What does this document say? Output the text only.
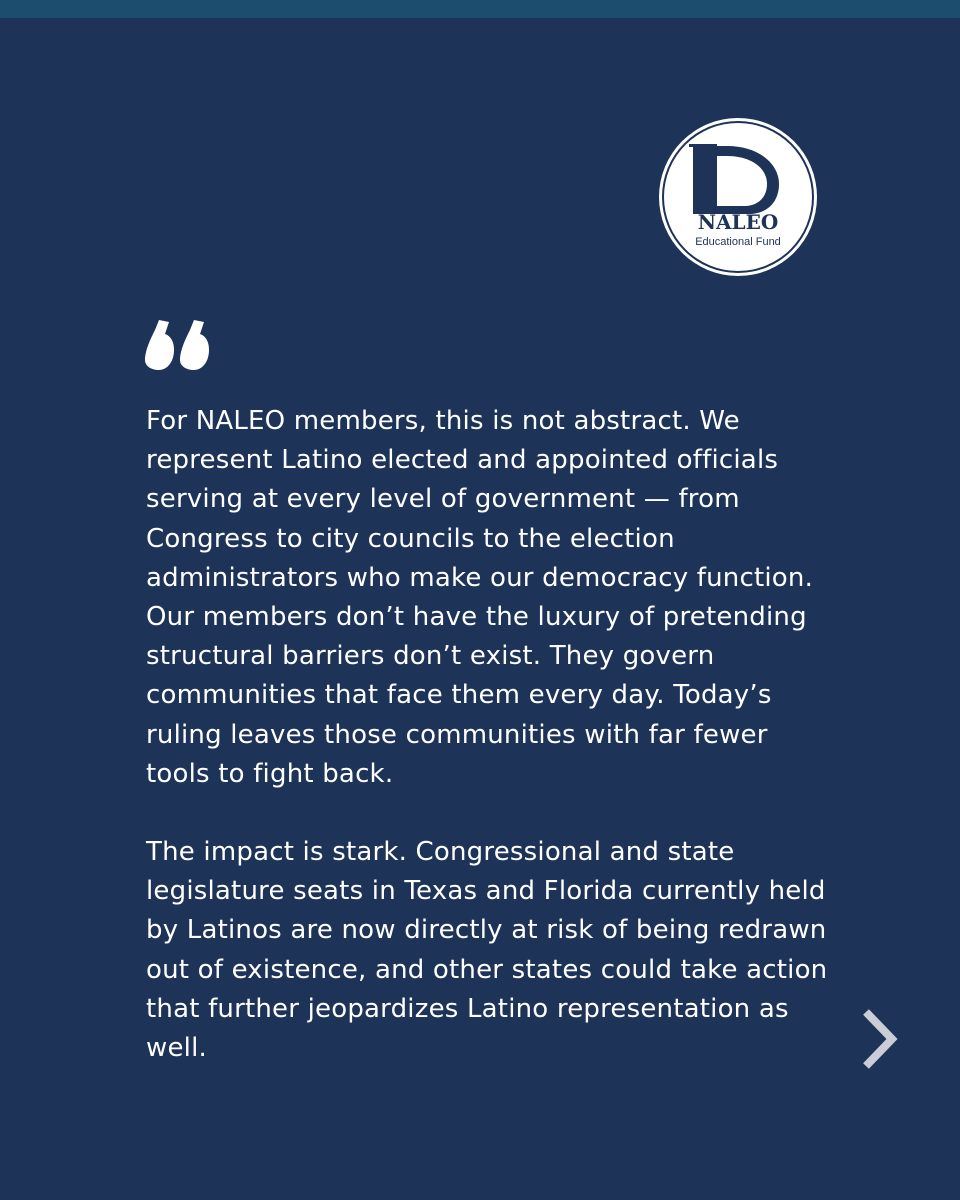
NALEO
Educational Fund

For NALEO members, this is not abstract. We represent Latino elected and appointed officials serving at every level of government — from Congress to city councils to the election administrators who make our democracy function. Our members don’t have the luxury of pretending structural barriers don’t exist. They govern communities that face them every day. Today’s ruling leaves those communities with far fewer tools to fight back.

The impact is stark. Congressional and state legislature seats in Texas and Florida currently held by Latinos are now directly at risk of being redrawn out of existence, and other states could take action that further jeopardizes Latino representation as well.
